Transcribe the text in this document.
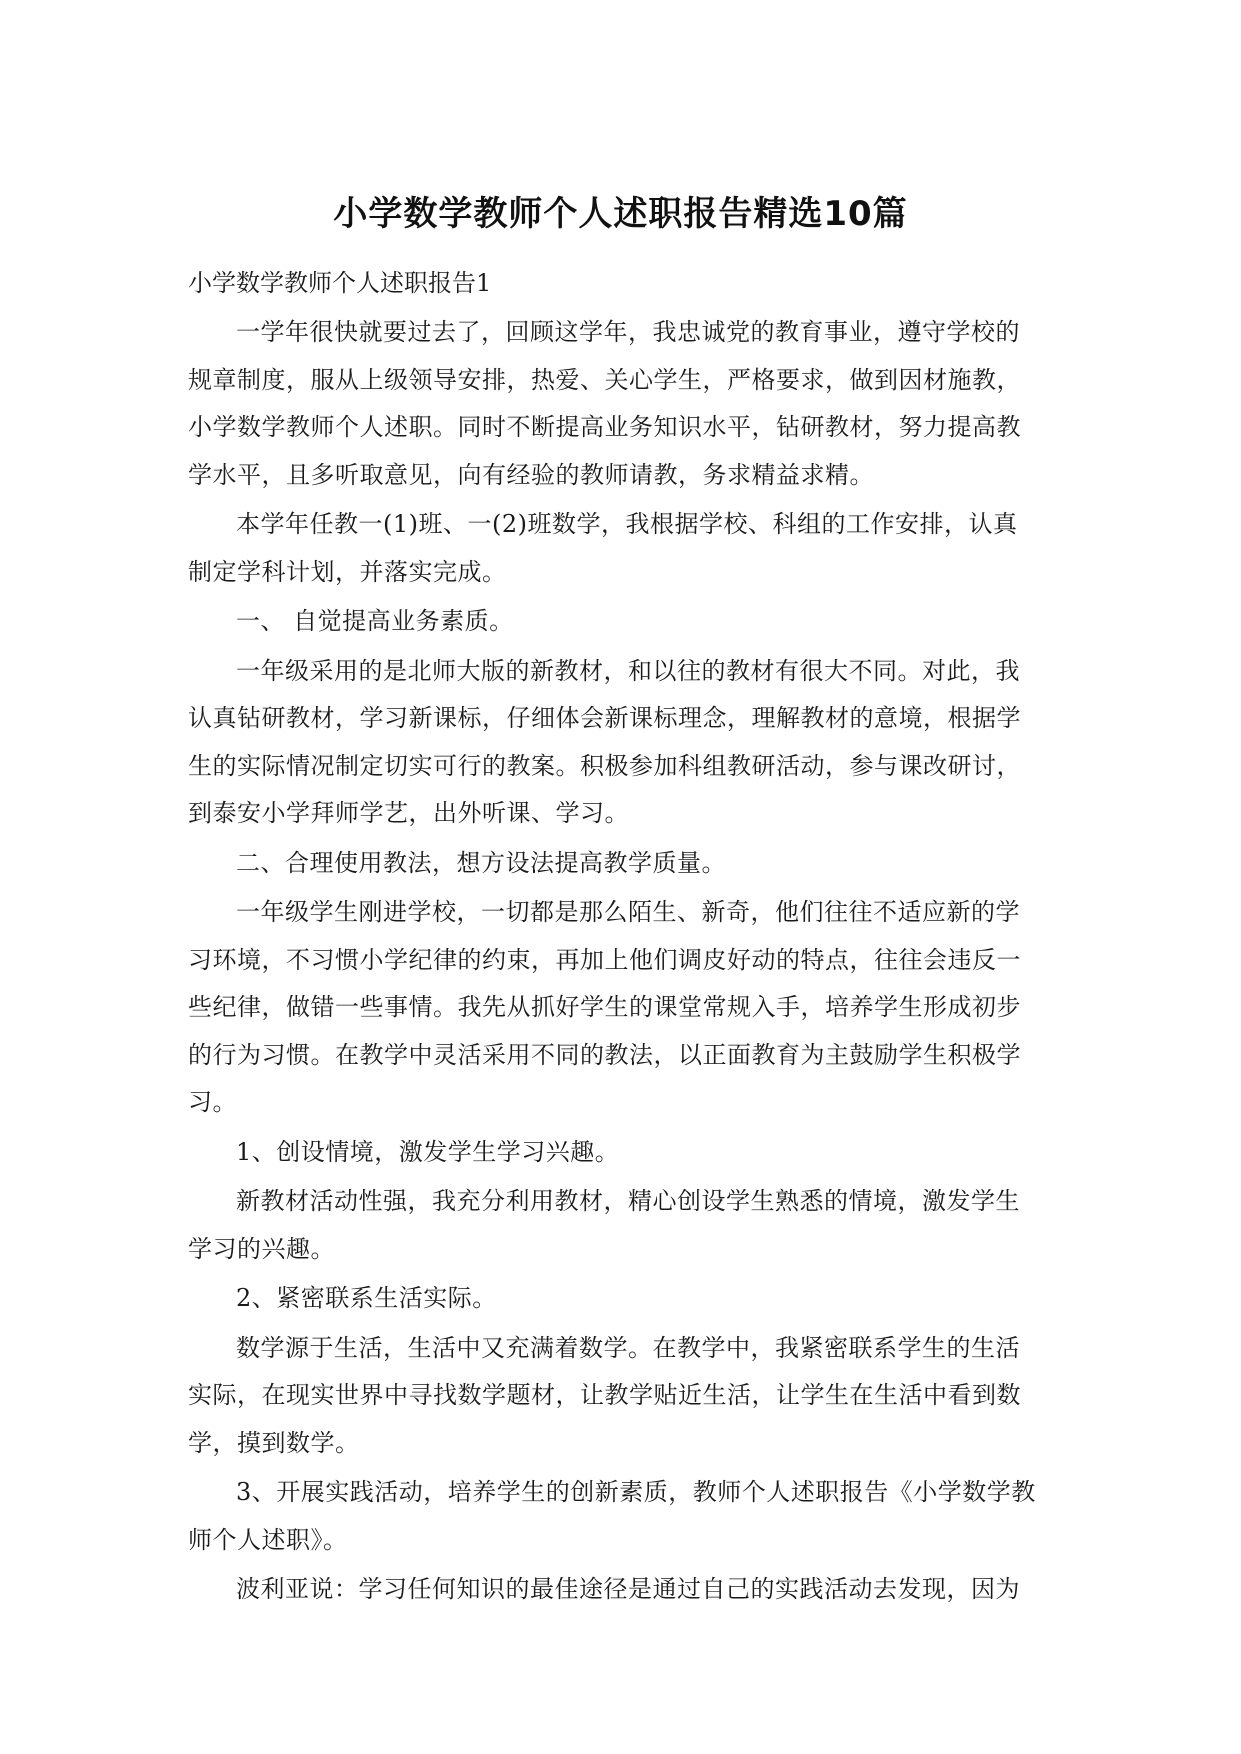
小学数学教师个人述职报告精选10篇

小学数学教师个人述职报告1

一学年很快就要过去了，回顾这学年，我忠诚党的教育事业，遵守学校的
规章制度，服从上级领导安排，热爱、关心学生，严格要求，做到因材施教，
小学数学教师个人述职。同时不断提高业务知识水平，钻研教材，努力提高教
学水平，且多听取意见，向有经验的教师请教，务求精益求精。

本学年任教一(1)班、一(2)班数学，我根据学校、科组的工作安排，认真
制定学科计划，并落实完成。

一、 自觉提高业务素质。

一年级采用的是北师大版的新教材，和以往的教材有很大不同。对此，我
认真钻研教材，学习新课标，仔细体会新课标理念，理解教材的意境，根据学
生的实际情况制定切实可行的教案。积极参加科组教研活动，参与课改研讨，
到泰安小学拜师学艺，出外听课、学习。

二、合理使用教法，想方设法提高教学质量。

一年级学生刚进学校，一切都是那么陌生、新奇，他们往往不适应新的学
习环境，不习惯小学纪律的约束，再加上他们调皮好动的特点，往往会违反一
些纪律，做错一些事情。我先从抓好学生的课堂常规入手，培养学生形成初步
的行为习惯。在教学中灵活采用不同的教法，以正面教育为主鼓励学生积极学
习。

1、创设情境，激发学生学习兴趣。

新教材活动性强，我充分利用教材，精心创设学生熟悉的情境，激发学生
学习的兴趣。

2、紧密联系生活实际。

数学源于生活，生活中又充满着数学。在教学中，我紧密联系学生的生活
实际，在现实世界中寻找数学题材，让教学贴近生活，让学生在生活中看到数
学，摸到数学。

3、开展实践活动，培养学生的创新素质，教师个人述职报告《小学数学教
师个人述职》。

波利亚说：学习任何知识的最佳途径是通过自己的实践活动去发现，因为
